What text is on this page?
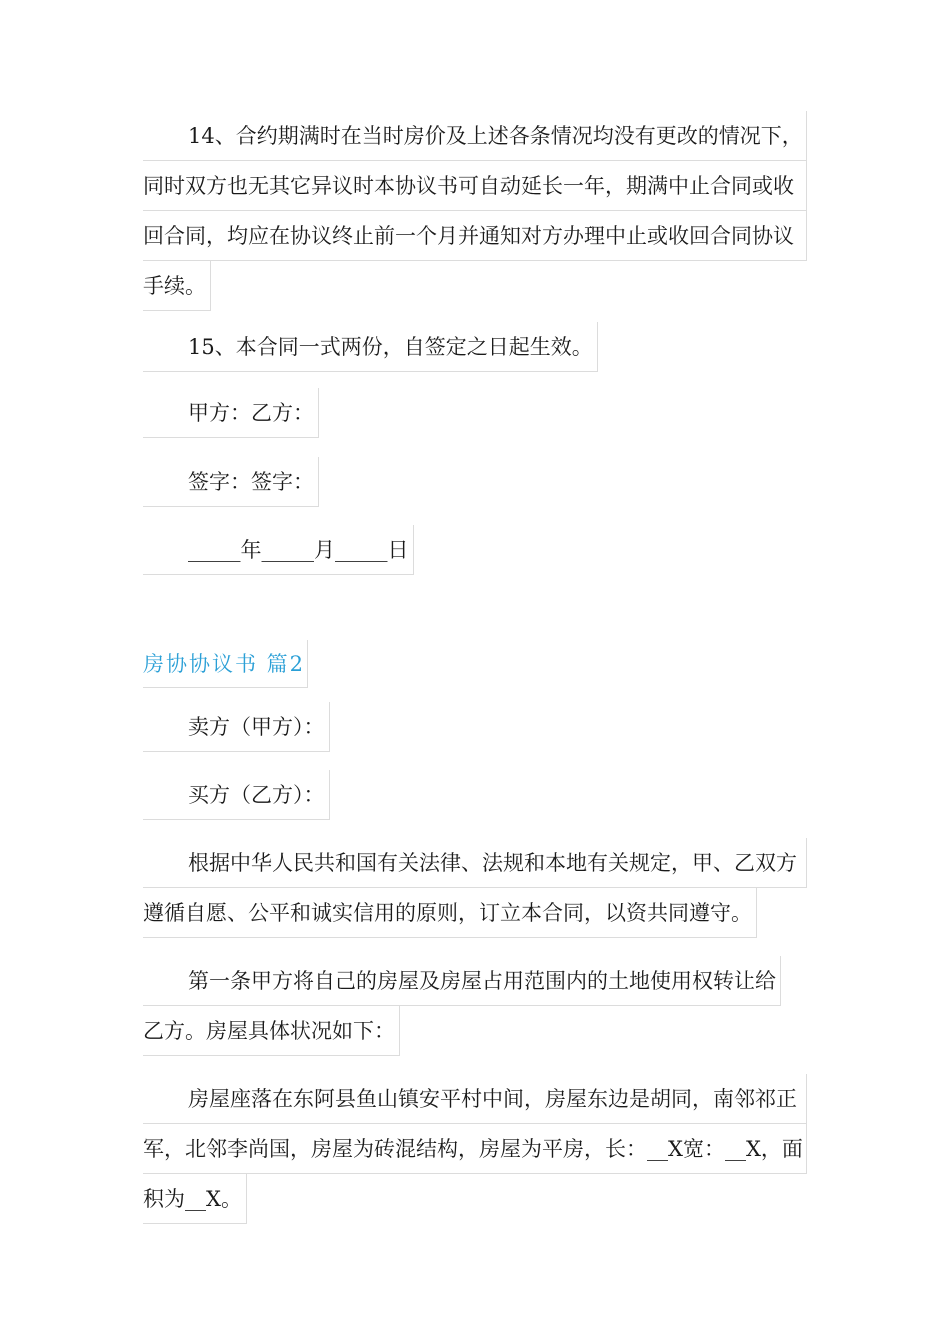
14、合约期满时在当时房价及上述各条情况均没有更改的情况下，
同时双方也无其它异议时本协议书可自动延长一年，期满中止合同或收
回合同，均应在协议终止前一个月并通知对方办理中止或收回合同协议
手续。
15、本合同一式两份，自签定之日起生效。
甲方：乙方：
签字：签字：
_____年_____月_____日
房协协议书 篇2
卖方（甲方）：
买方（乙方）：
根据中华人民共和国有关法律、法规和本地有关规定，甲、乙双方
遵循自愿、公平和诚实信用的原则，订立本合同，以资共同遵守。
第一条甲方将自己的房屋及房屋占用范围内的土地使用权转让给
乙方。房屋具体状况如下：
房屋座落在东阿县鱼山镇安平村中间，房屋东边是胡同，南邻祁正
军，北邻李尚国，房屋为砖混结构，房屋为平房，长：__X宽：__X，面
积为__X。
